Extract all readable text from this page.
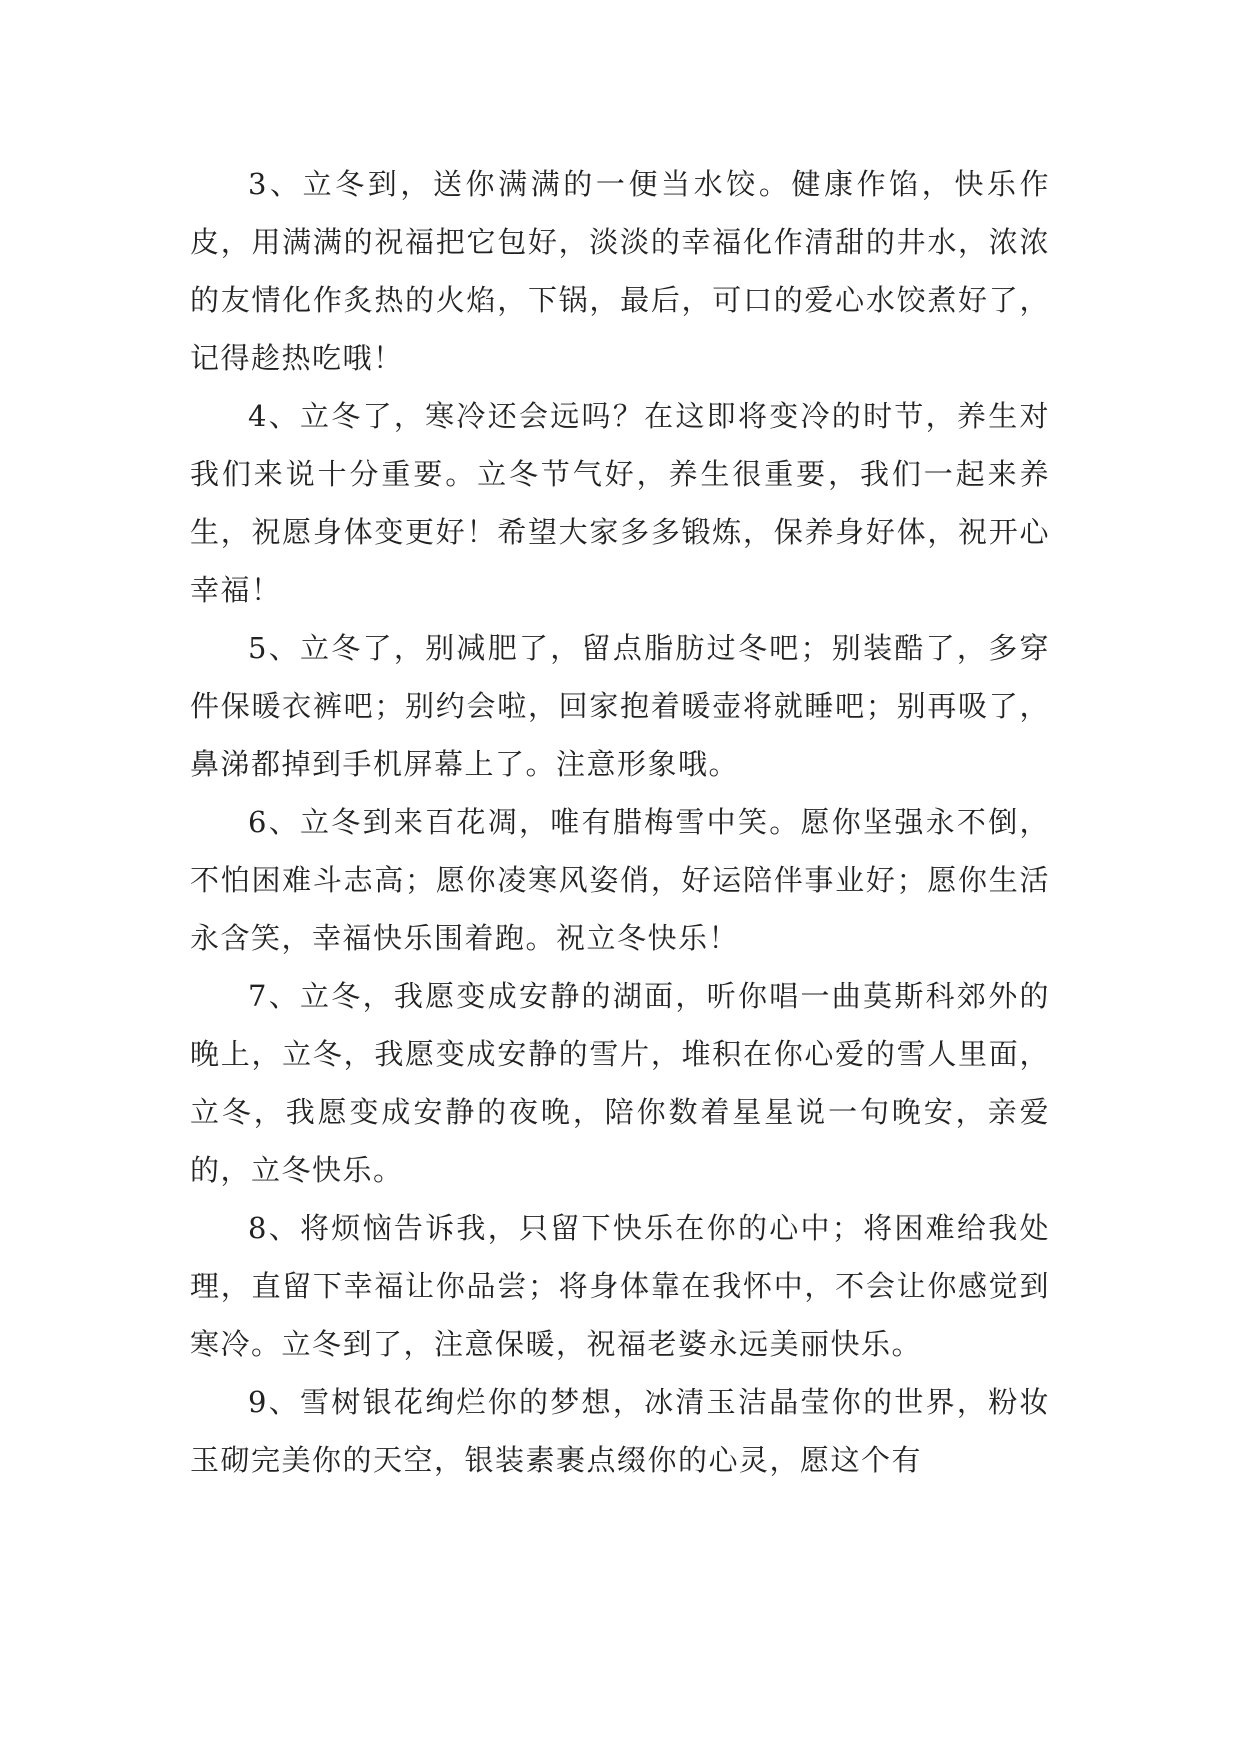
3、立冬到，送你满满的一便当水饺。健康作馅，快乐作皮，用满满的祝福把它包好，淡淡的幸福化作清甜的井水，浓浓的友情化作炙热的火焰，下锅，最后，可口的爱心水饺煮好了，记得趁热吃哦！

4、立冬了，寒冷还会远吗？在这即将变冷的时节，养生对我们来说十分重要。立冬节气好，养生很重要，我们一起来养生，祝愿身体变更好！希望大家多多锻炼，保养身好体，祝开心幸福！

5、立冬了，别减肥了，留点脂肪过冬吧；别装酷了，多穿件保暖衣裤吧；别约会啦，回家抱着暖壶将就睡吧；别再吸了，鼻涕都掉到手机屏幕上了。注意形象哦。

6、立冬到来百花凋，唯有腊梅雪中笑。愿你坚强永不倒，不怕困难斗志高；愿你凌寒风姿俏，好运陪伴事业好；愿你生活永含笑，幸福快乐围着跑。祝立冬快乐！

7、立冬，我愿变成安静的湖面，听你唱一曲莫斯科郊外的晚上，立冬，我愿变成安静的雪片，堆积在你心爱的雪人里面，立冬，我愿变成安静的夜晚，陪你数着星星说一句晚安，亲爱的，立冬快乐。

8、将烦恼告诉我，只留下快乐在你的心中；将困难给我处理，直留下幸福让你品尝；将身体靠在我怀中，不会让你感觉到寒冷。立冬到了，注意保暖，祝福老婆永远美丽快乐。

9、雪树银花绚烂你的梦想，冰清玉洁晶莹你的世界，粉妆玉砌完美你的天空，银装素裹点缀你的心灵，愿这个有
